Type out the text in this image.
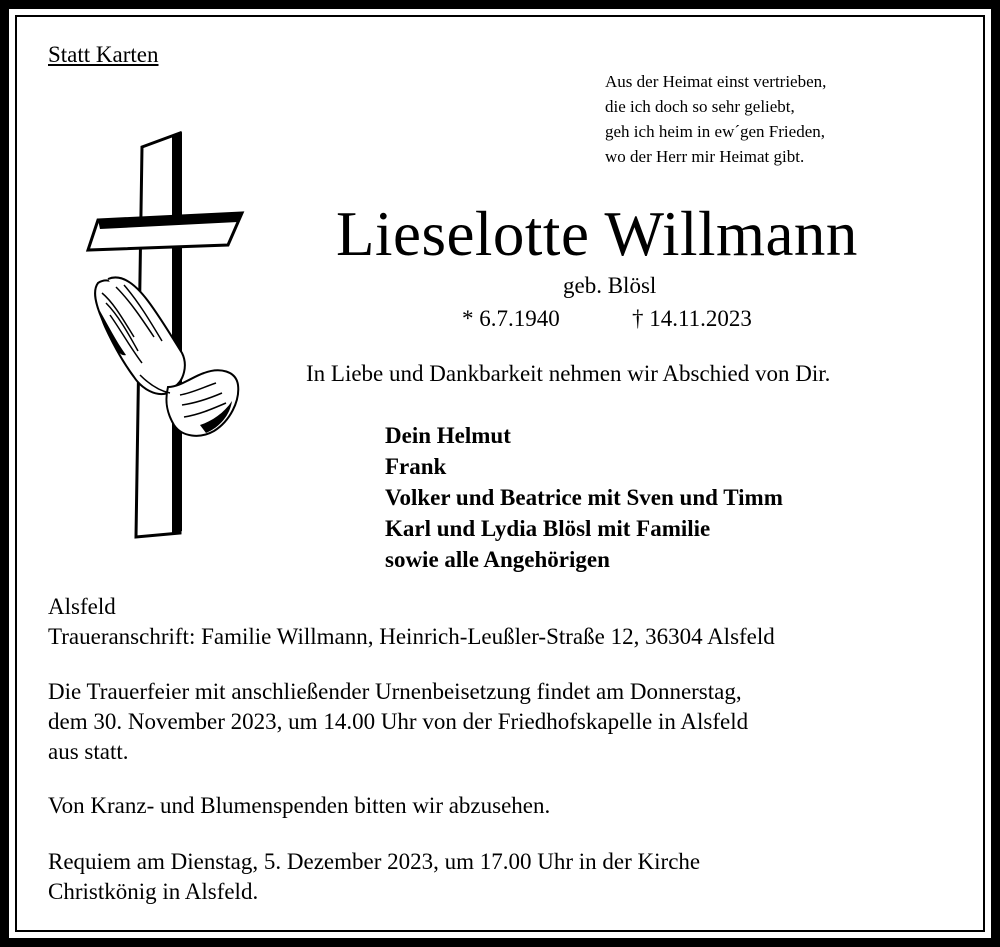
Statt Karten
Aus der Heimat einst vertrieben,
die ich doch so sehr geliebt,
geh ich heim in ew´gen Frieden,
wo der Herr mir Heimat gibt.
Lieselotte Willmann
geb. Blösl
* 6.7.1940	† 14.11.2023
In Liebe und Dankbarkeit nehmen wir Abschied von Dir.
Dein Helmut
Frank
Volker und Beatrice mit Sven und Timm
Karl und Lydia Blösl mit Familie
sowie alle Angehörigen
Alsfeld
Traueranschrift: Familie Willmann, Heinrich-Leußler-Straße 12, 36304 Alsfeld
Die Trauerfeier mit anschließender Urnenbeisetzung findet am Donnerstag,
dem 30. November 2023, um 14.00 Uhr von der Friedhofskapelle in Alsfeld
aus statt.
Von Kranz- und Blumenspenden bitten wir abzusehen.
Requiem am Dienstag, 5. Dezember 2023, um 17.00 Uhr in der Kirche
Christkönig in Alsfeld.
